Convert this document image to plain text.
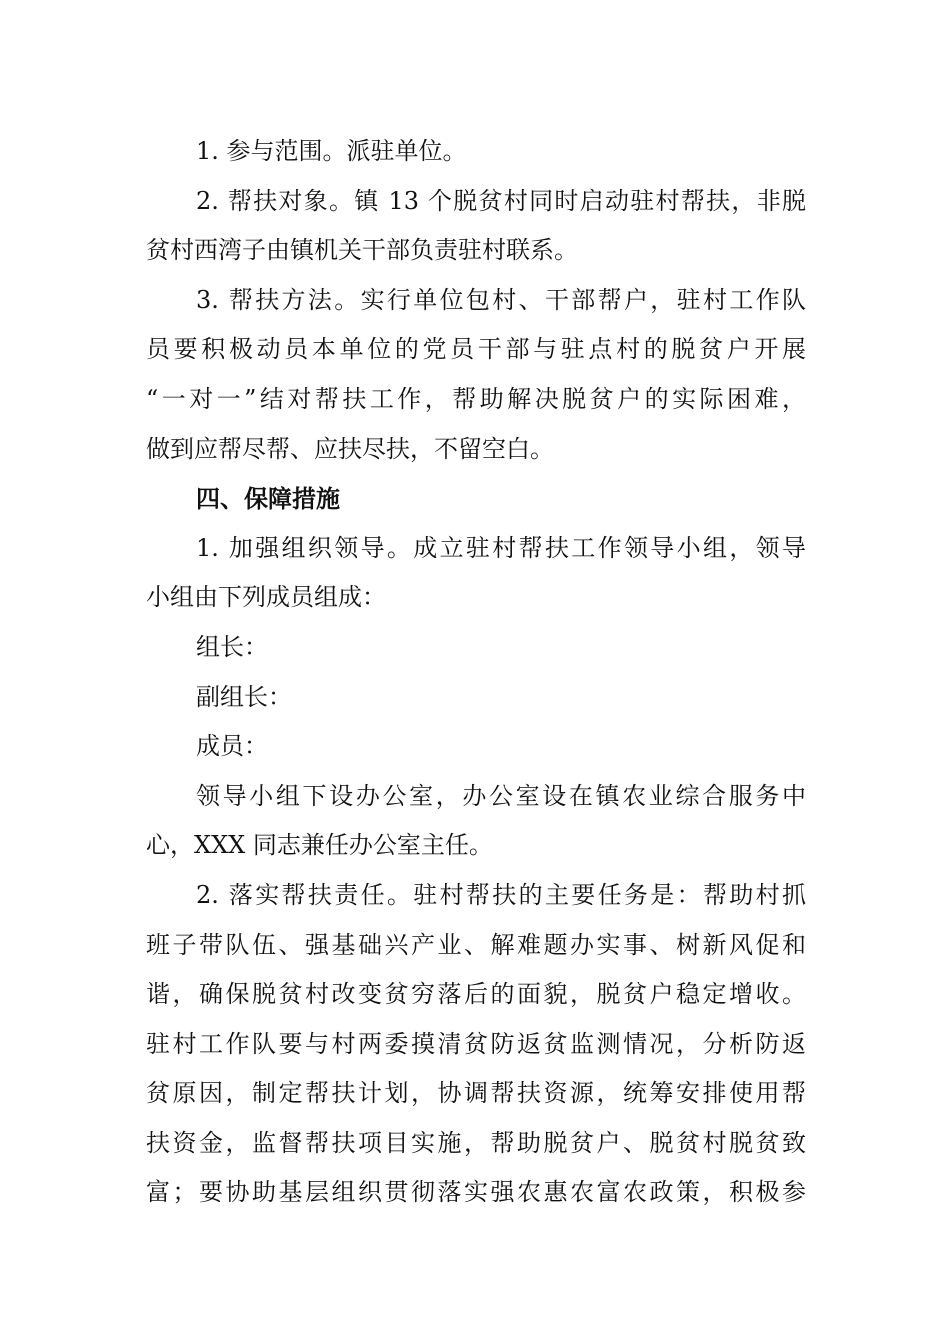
1. 参与范围。派驻单位。
2. 帮扶对象。镇 13 个脱贫村同时启动驻村帮扶，非脱
贫村西湾子由镇机关干部负责驻村联系。
3. 帮扶方法。实行单位包村、干部帮户，驻村工作队
员要积极动员本单位的党员干部与驻点村的脱贫户开展
“一对一”结对帮扶工作，帮助解决脱贫户的实际困难，
做到应帮尽帮、应扶尽扶，不留空白。
四、保障措施
1. 加强组织领导。成立驻村帮扶工作领导小组，领导
小组由下列成员组成：
组长：
副组长：
成员：
领导小组下设办公室，办公室设在镇农业综合服务中
心，XXX 同志兼任办公室主任。
2. 落实帮扶责任。驻村帮扶的主要任务是：帮助村抓
班子带队伍、强基础兴产业、解难题办实事、树新风促和
谐，确保脱贫村改变贫穷落后的面貌，脱贫户稳定增收。
驻村工作队要与村两委摸清贫防返贫监测情况，分析防返
贫原因，制定帮扶计划，协调帮扶资源，统筹安排使用帮
扶资金，监督帮扶项目实施，帮助脱贫户、脱贫村脱贫致
富；要协助基层组织贯彻落实强农惠农富农政策，积极参
